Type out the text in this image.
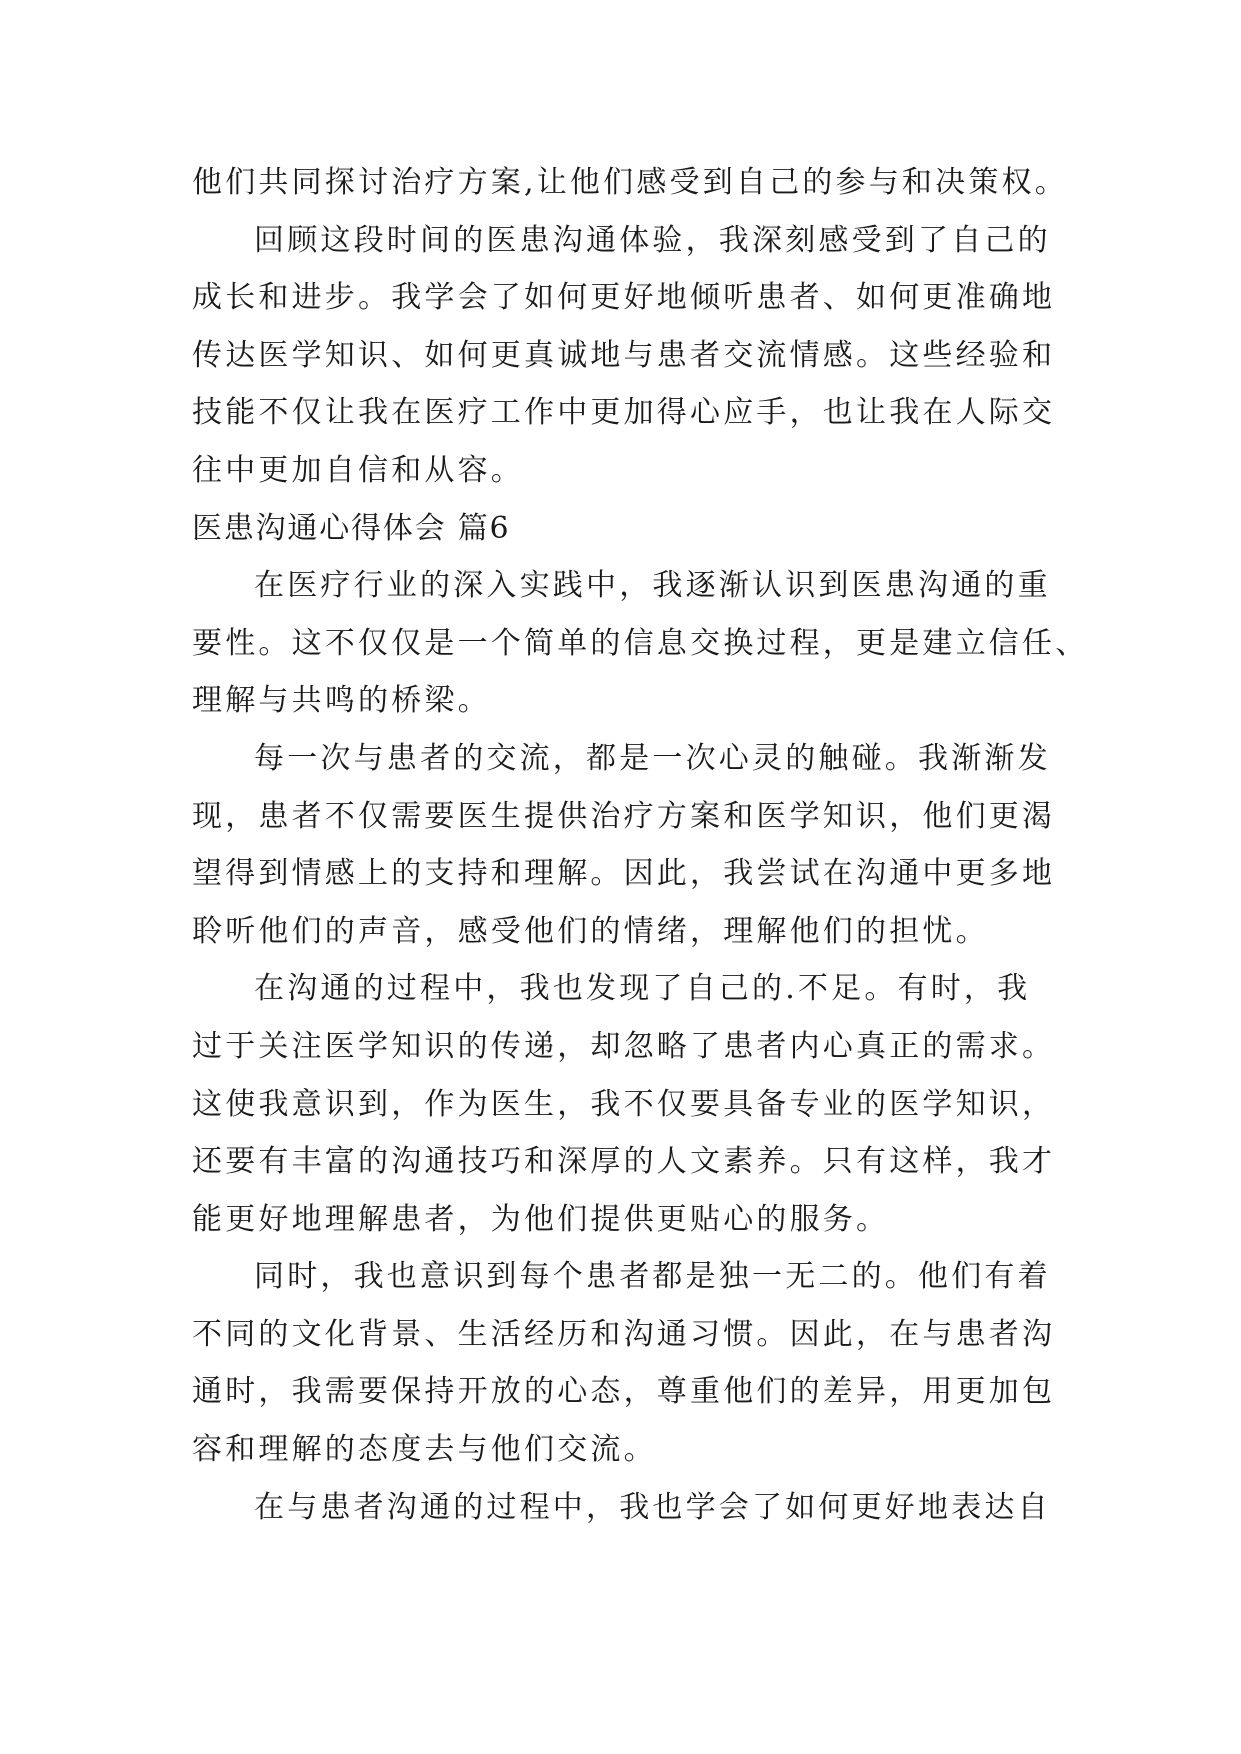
他们共同探讨治疗方案,让他们感受到自己的参与和决策权。
回顾这段时间的医患沟通体验，我深刻感受到了自己的
成长和进步。我学会了如何更好地倾听患者、如何更准确地
传达医学知识、如何更真诚地与患者交流情感。这些经验和
技能不仅让我在医疗工作中更加得心应手，也让我在人际交
往中更加自信和从容。
医患沟通心得体会 篇6
在医疗行业的深入实践中，我逐渐认识到医患沟通的重
要性。这不仅仅是一个简单的信息交换过程，更是建立信任、
理解与共鸣的桥梁。
每一次与患者的交流，都是一次心灵的触碰。我渐渐发
现，患者不仅需要医生提供治疗方案和医学知识，他们更渴
望得到情感上的支持和理解。因此，我尝试在沟通中更多地
聆听他们的声音，感受他们的情绪，理解他们的担忧。
在沟通的过程中，我也发现了自己的.不足。有时，我
过于关注医学知识的传递，却忽略了患者内心真正的需求。
这使我意识到，作为医生，我不仅要具备专业的医学知识，
还要有丰富的沟通技巧和深厚的人文素养。只有这样，我才
能更好地理解患者，为他们提供更贴心的服务。
同时，我也意识到每个患者都是独一无二的。他们有着
不同的文化背景、生活经历和沟通习惯。因此，在与患者沟
通时，我需要保持开放的心态，尊重他们的差异，用更加包
容和理解的态度去与他们交流。
在与患者沟通的过程中，我也学会了如何更好地表达自
